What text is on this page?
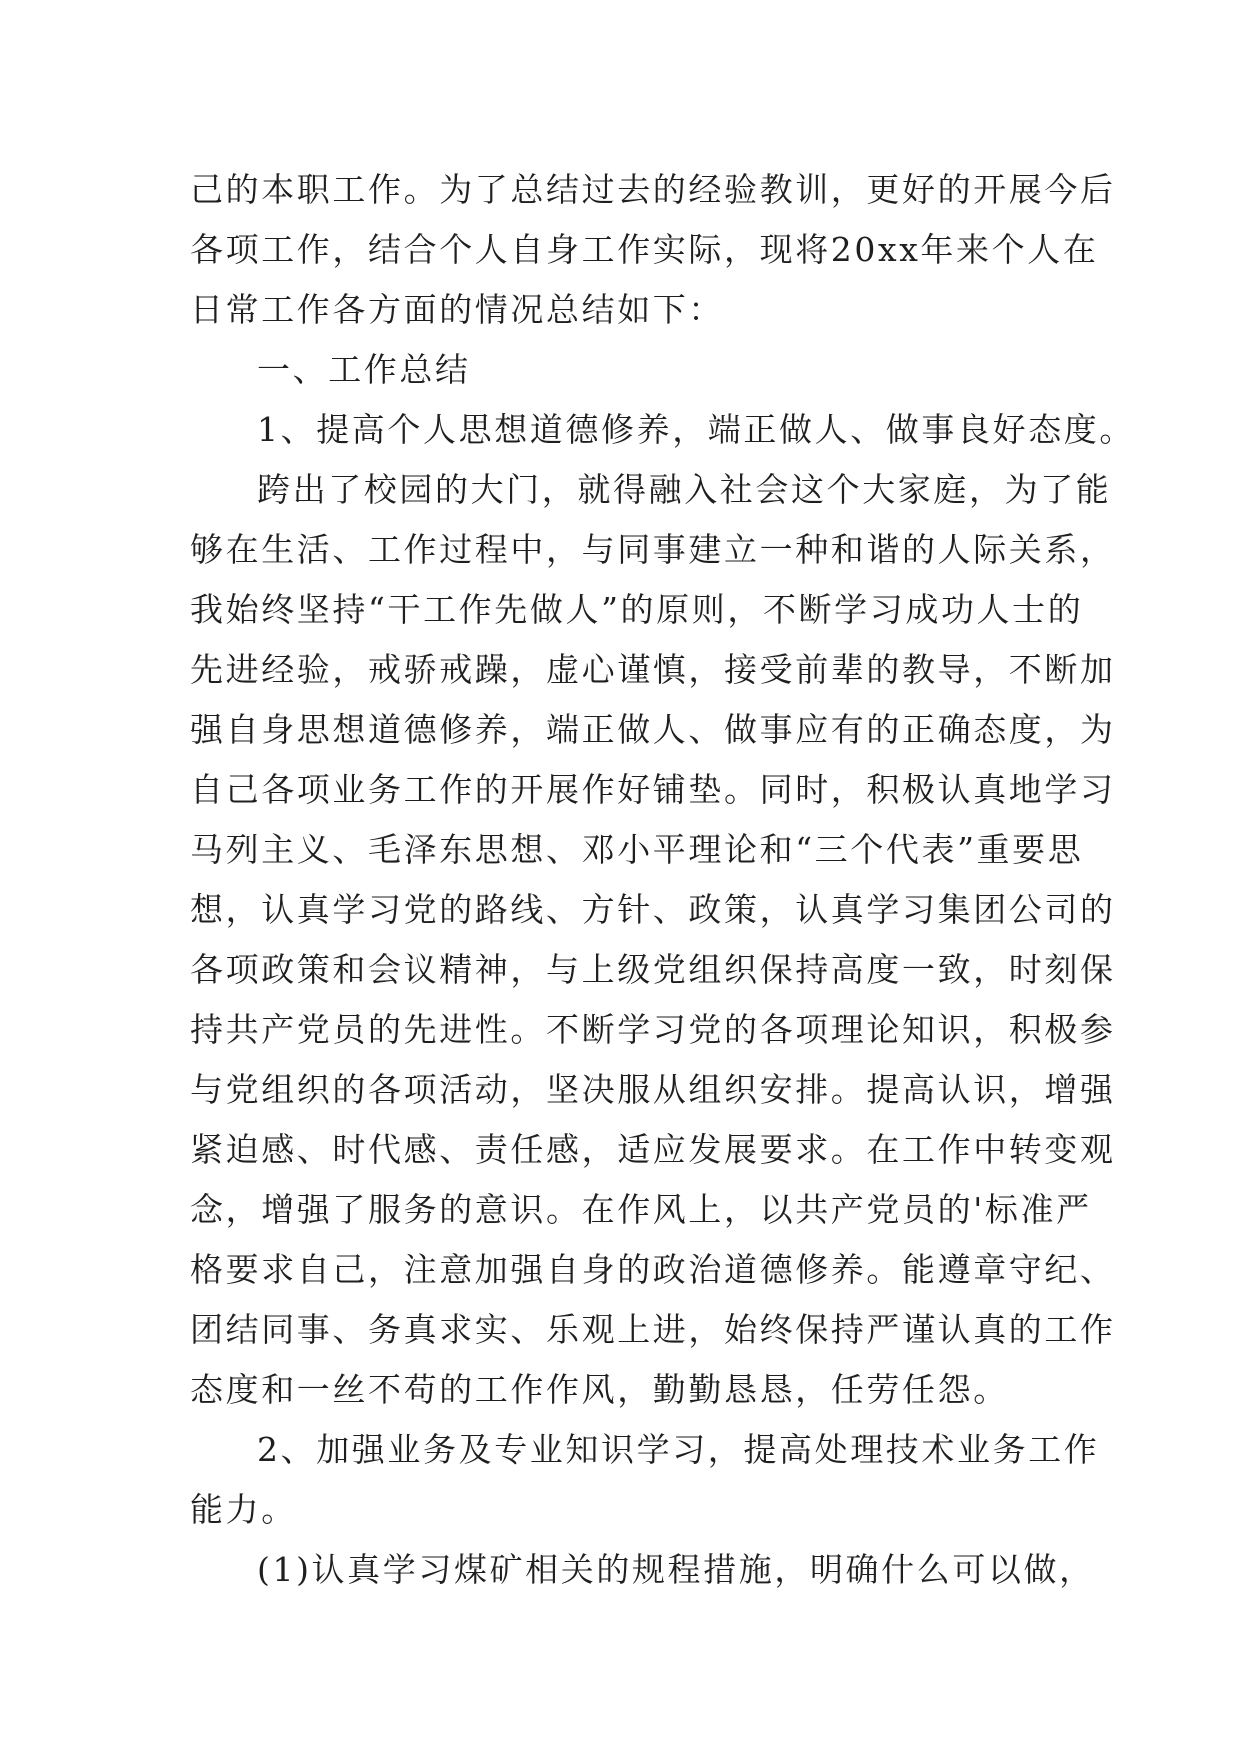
己的本职工作。为了总结过去的经验教训，更好的开展今后
各项工作，结合个人自身工作实际，现将20xx年来个人在
日常工作各方面的情况总结如下：
一、工作总结
1、提高个人思想道德修养，端正做人、做事良好态度。
跨出了校园的大门，就得融入社会这个大家庭，为了能
够在生活、工作过程中，与同事建立一种和谐的人际关系，
我始终坚持“干工作先做人”的原则，不断学习成功人士的
先进经验，戒骄戒躁，虚心谨慎，接受前辈的教导，不断加
强自身思想道德修养，端正做人、做事应有的正确态度，为
自己各项业务工作的开展作好铺垫。同时，积极认真地学习
马列主义、毛泽东思想、邓小平理论和“三个代表”重要思
想，认真学习党的路线、方针、政策，认真学习集团公司的
各项政策和会议精神，与上级党组织保持高度一致，时刻保
持共产党员的先进性。不断学习党的各项理论知识，积极参
与党组织的各项活动，坚决服从组织安排。提高认识，增强
紧迫感、时代感、责任感，适应发展要求。在工作中转变观
念，增强了服务的意识。在作风上，以共产党员的'标准严
格要求自己，注意加强自身的政治道德修养。能遵章守纪、
团结同事、务真求实、乐观上进，始终保持严谨认真的工作
态度和一丝不苟的工作作风，勤勤恳恳，任劳任怨。
2、加强业务及专业知识学习，提高处理技术业务工作
能力。
(1)认真学习煤矿相关的规程措施，明确什么可以做，
